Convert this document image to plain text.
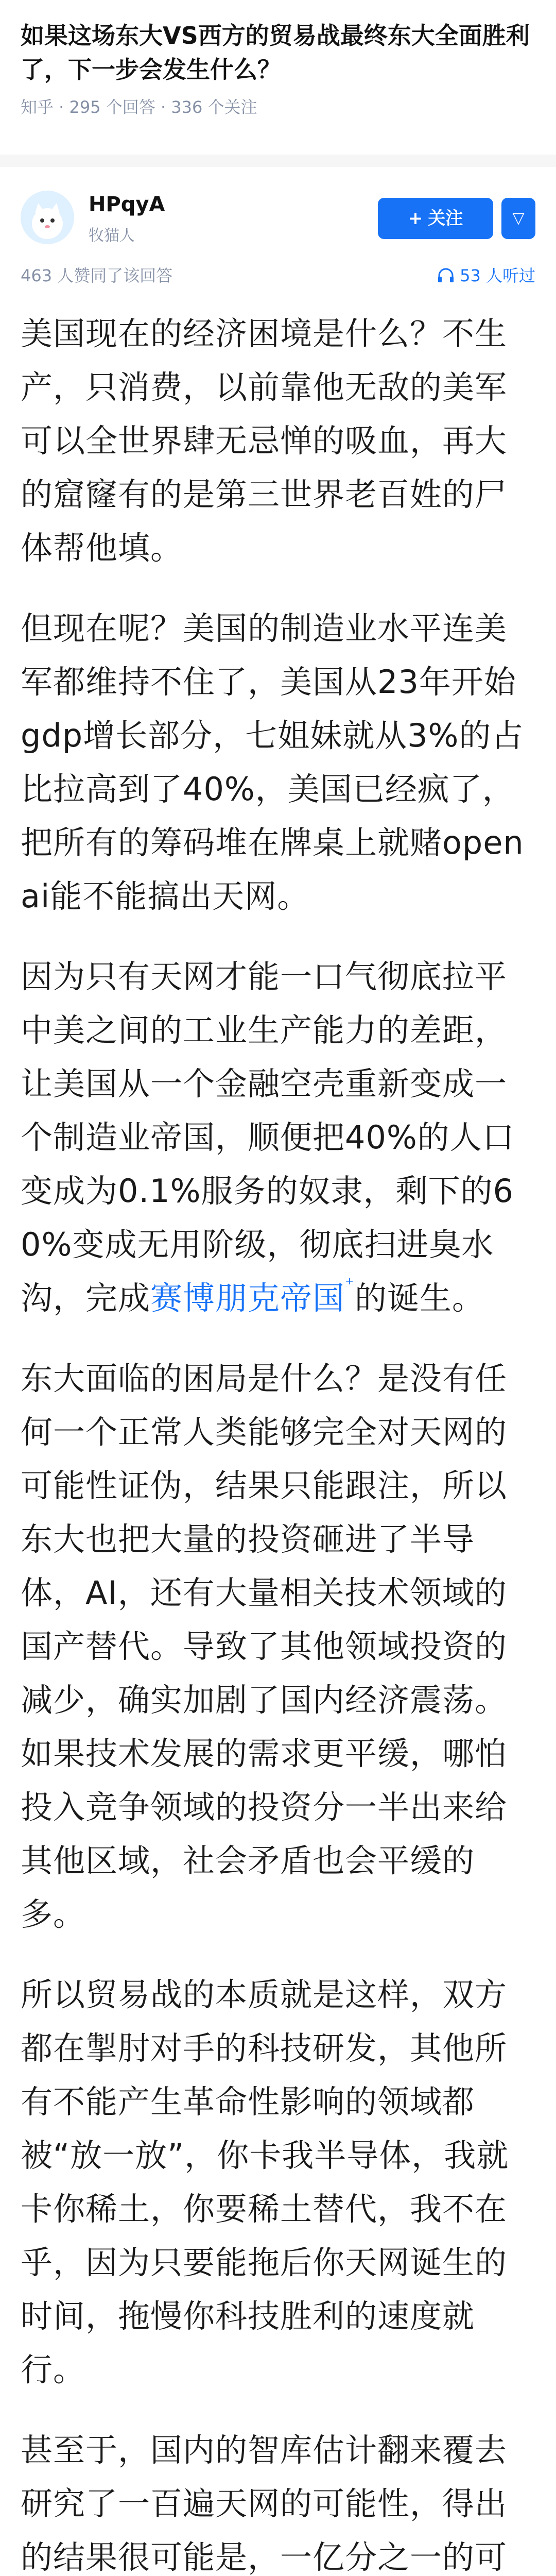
如果这场东大VS西方的贸易战最终东大全面胜利了，下一步会发生什么？
知乎 · 295 个回答 · 336 个关注
HPqyA
牧猫人
+ 关注	▽
463 人赞同了该回答	53 人听过

美国现在的经济困境是什么？不生产，只消费，以前靠他无敌的美军可以全世界肆无忌惮的吸血，再大的窟窿有的是第三世界老百姓的尸体帮他填。

但现在呢？美国的制造业水平连美军都维持不住了，美国从23年开始gdp增长部分，七姐妹就从3%的占比拉高到了40%，美国已经疯了，把所有的筹码堆在牌桌上就赌openai能不能搞出天网。

因为只有天网才能一口气彻底拉平中美之间的工业生产能力的差距，让美国从一个金融空壳重新变成一个制造业帝国，顺便把40%的人口变成为0.1%服务的奴隶，剩下的60%变成无用阶级，彻底扫进臭水沟，完成赛博朋克帝国⁺的诞生。

东大面临的困局是什么？是没有任何一个正常人类能够完全对天网的可能性证伪，结果只能跟注，所以东大也把大量的投资砸进了半导体，AI，还有大量相关技术领域的国产替代。导致了其他领域投资的减少，确实加剧了国内经济震荡。如果技术发展的需求更平缓，哪怕投入竞争领域的投资分一半出来给其他区域，社会矛盾也会平缓的多。

所以贸易战的本质就是这样，双方都在掣肘对手的科技研发，其他所有不能产生革命性影响的领域都被“放一放”，你卡我半导体，我就卡你稀土，你要稀土替代，我不在乎，因为只要能拖后你天网诞生的时间，拖慢你科技胜利的速度就行。

甚至于，国内的智库估计翻来覆去研究了一百遍天网的可能性，得出的结果很可能是，一亿分之一的可
